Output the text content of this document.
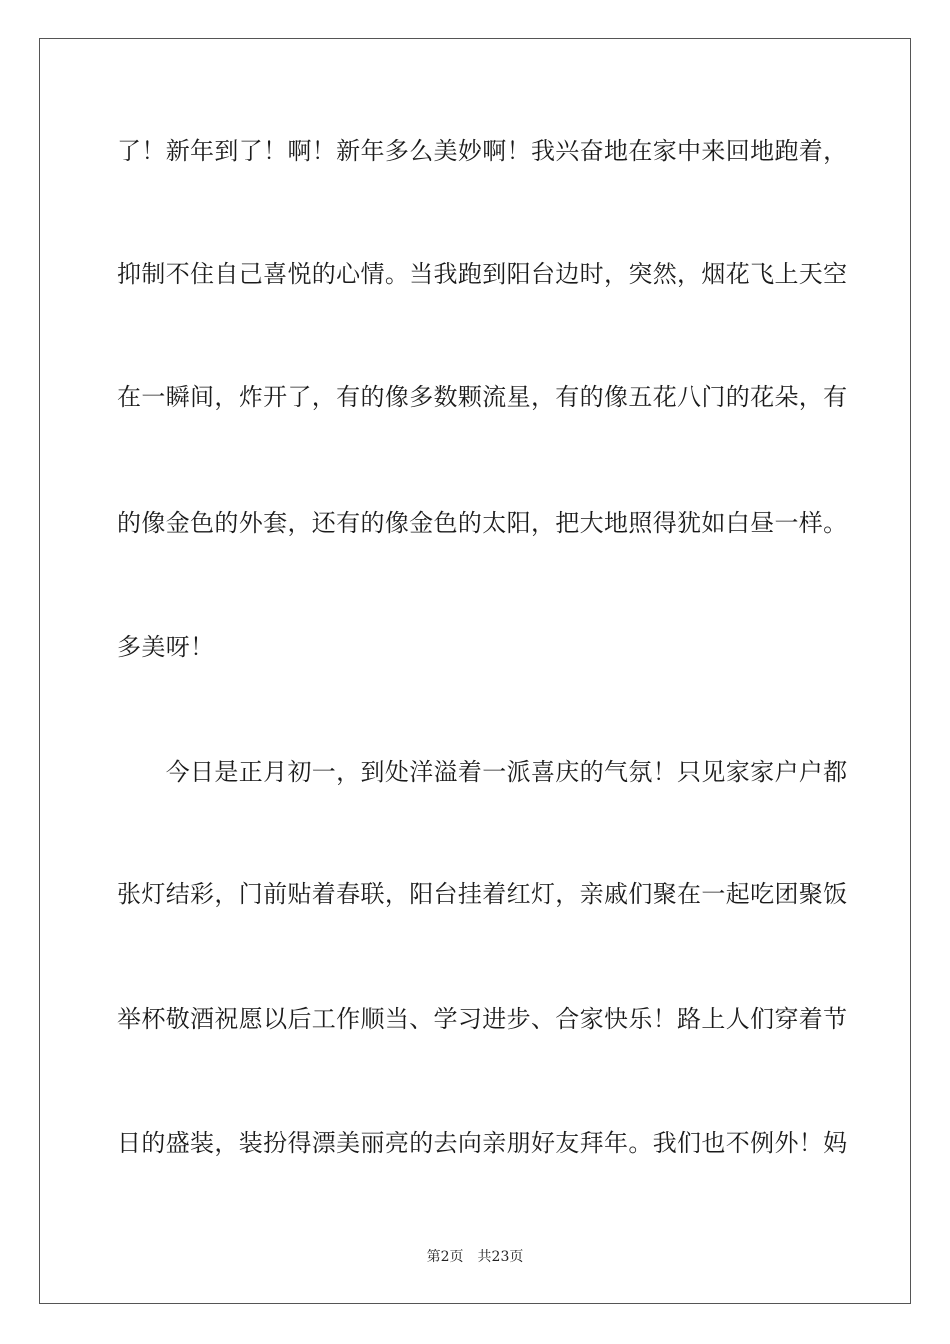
了！新年到了！啊！新年多么美妙啊！我兴奋地在家中来回地跑着，

抑制不住自己喜悦的心情。当我跑到阳台边时，突然，烟花飞上天空

在一瞬间，炸开了，有的像多数颗流星，有的像五花八门的花朵，有

的像金色的外套，还有的像金色的太阳，把大地照得犹如白昼一样。

多美呀！

　　今日是正月初一，到处洋溢着一派喜庆的气氛！只见家家户户都

张灯结彩，门前贴着春联，阳台挂着红灯，亲戚们聚在一起吃团聚饭

举杯敬酒祝愿以后工作顺当、学习进步、合家快乐！路上人们穿着节

日的盛装，装扮得漂美丽亮的去向亲朋好友拜年。我们也不例外！妈

第2页 共23页
